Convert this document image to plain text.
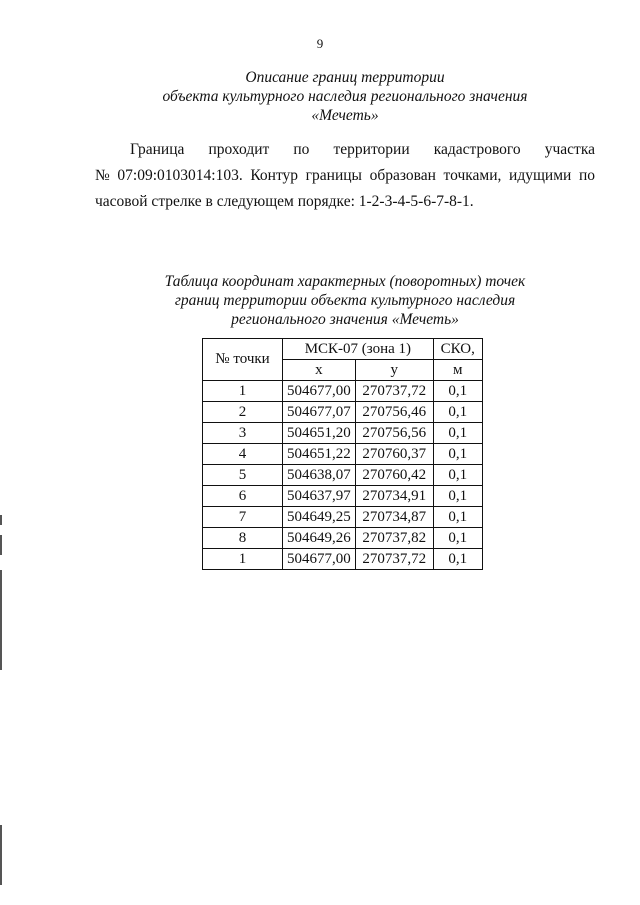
9
Описание границ территории
объекта культурного наследия регионального значения
«Мечеть»
Граница проходит по территории кадастрового участка
№ 07:09:0103014:103. Контур границы образован точками, идущими по
часовой стрелке в следующем порядке: 1-2-3-4-5-6-7-8-1.
Таблица координат характерных (поворотных) точек
границ территории объекта культурного наследия
регионального значения «Мечеть»
№ точки	МСК-07 (зона 1)		СКО,
	x	y	м
1	504677,00	270737,72	0,1
2	504677,07	270756,46	0,1
3	504651,20	270756,56	0,1
4	504651,22	270760,37	0,1
5	504638,07	270760,42	0,1
6	504637,97	270734,91	0,1
7	504649,25	270734,87	0,1
8	504649,26	270737,82	0,1
1	504677,00	270737,72	0,1
